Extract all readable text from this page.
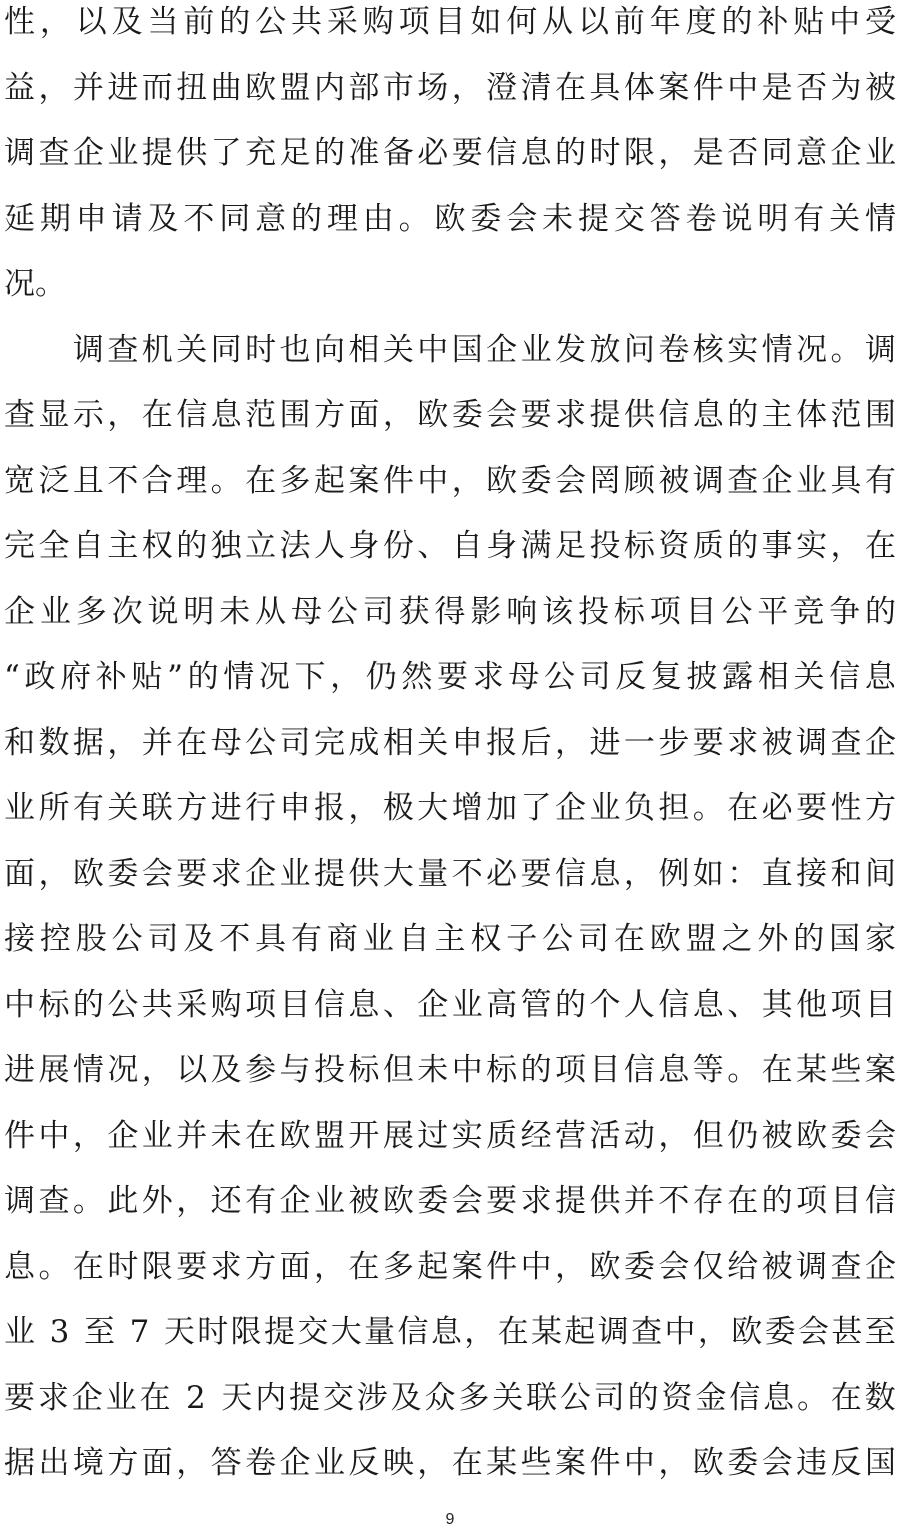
性 ， 以 及 当 前 的 公 共 采 购 项 目 如 何 从 以 前 年 度 的 补 贴 中 受
益 ， 并 进 而 扭 曲 欧 盟 内 部 市 场 ， 澄 清 在 具 体 案 件 中 是 否 为 被
调 查 企 业 提 供 了 充 足 的 准 备 必 要 信 息 的 时 限 ， 是 否 同 意 企 业
延 期 申 请 及 不 同 意 的 理 由 。 欧 委 会 未 提 交 答 卷 说 明 有 关 情
况 。

调 查 机 关 同 时 也 向 相 关 中 国 企 业 发 放 问 卷 核 实 情 况 。 调
查 显 示 ， 在 信 息 范 围 方 面 ， 欧 委 会 要 求 提 供 信 息 的 主 体 范 围
宽 泛 且 不 合 理 。 在 多 起 案 件 中 ， 欧 委 会 罔 顾 被 调 查 企 业 具 有
完 全 自 主 权 的 独 立 法 人 身 份 、 自 身 满 足 投 标 资 质 的 事 实 ， 在
企 业 多 次 说 明 未 从 母 公 司 获 得 影 响 该 投 标 项 目 公 平 竞 争 的
“ 政 府 补 贴 ” 的 情 况 下 ， 仍 然 要 求 母 公 司 反 复 披 露 相 关 信 息
和 数 据 ， 并 在 母 公 司 完 成 相 关 申 报 后 ， 进 一 步 要 求 被 调 查 企
业 所 有 关 联 方 进 行 申 报 ， 极 大 增 加 了 企 业 负 担 。 在 必 要 性 方
面 ， 欧 委 会 要 求 企 业 提 供 大 量 不 必 要 信 息 ， 例 如 ： 直 接 和 间
接 控 股 公 司 及 不 具 有 商 业 自 主 权 子 公 司 在 欧 盟 之 外 的 国 家
中 标 的 公 共 采 购 项 目 信 息 、 企 业 高 管 的 个 人 信 息 、 其 他 项 目
进 展 情 况 ， 以 及 参 与 投 标 但 未 中 标 的 项 目 信 息 等 。 在 某 些 案
件 中 ， 企 业 并 未 在 欧 盟 开 展 过 实 质 经 营 活 动 ， 但 仍 被 欧 委 会
调 查 。 此 外 ， 还 有 企 业 被 欧 委 会 要 求 提 供 并 不 存 在 的 项 目 信
息 。 在 时 限 要 求 方 面 ， 在 多 起 案 件 中 ， 欧 委 会 仅 给 被 调 查 企
业
3
至
7
天 时 限 提 交 大 量 信 息 ， 在 某 起 调 查 中 ， 欧 委 会 甚 至
要 求 企 业 在
2
天 内 提 交 涉 及 众 多 关 联 公 司 的 资 金 信 息 。 在 数
据 出 境 方 面 ， 答 卷 企 业 反 映 ， 在 某 些 案 件 中 ， 欧 委 会 违 反 国
9
